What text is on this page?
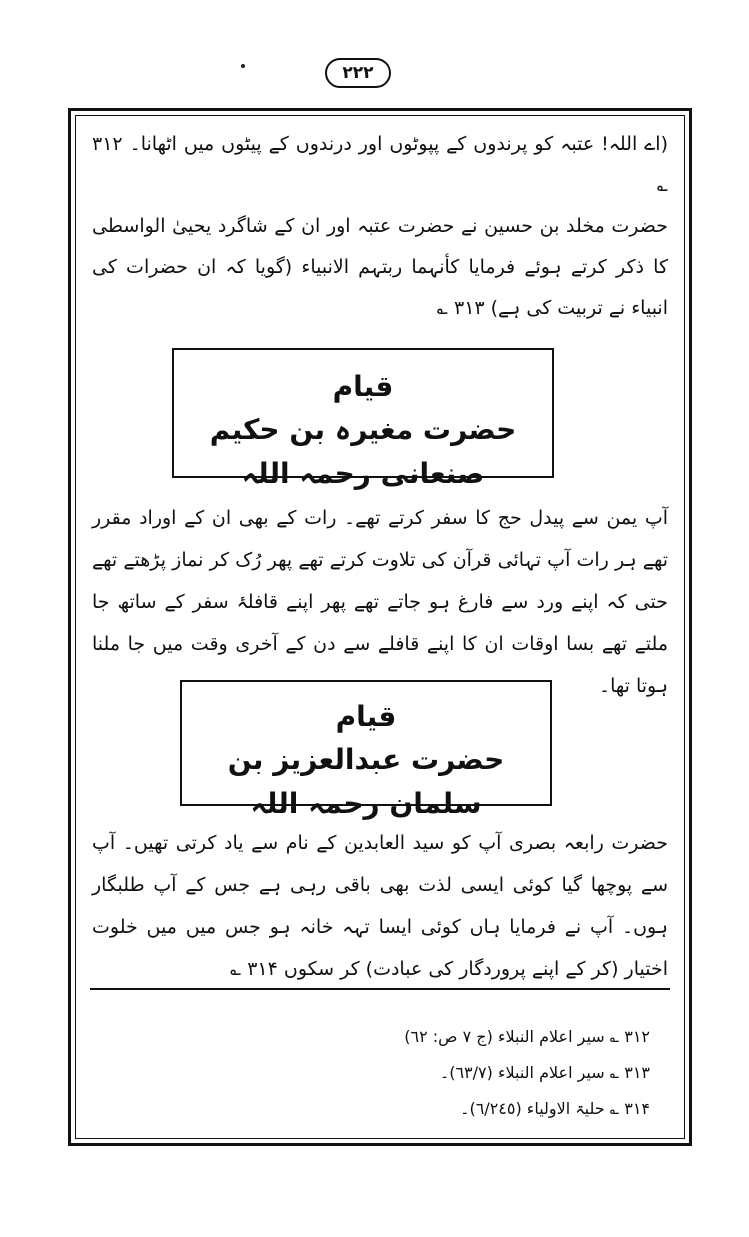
۲۲۲
(اے اللہ! عتبہ کو پرندوں کے پپوٹوں اور درندوں کے پیٹوں میں اٹھانا۔ ۳۱۲ ؎
حضرت مخلد بن حسین نے حضرت عتبہ اور ان کے شاگرد یحییٰ الواسطی کا ذکر کرتے ہوئے فرمایا کأنہما ربتہم الانبیاء (گویا کہ ان حضرات کی انبیاء نے تربیت کی ہے) ۳۱۳ ؎
قیام
حضرت مغیرہ بن حکیم صنعانی رحمہ اللہ
آپ یمن سے پیدل حج کا سفر کرتے تھے۔ رات کے بھی ان کے اوراد مقرر تھے ہر رات آپ تہائی قرآن کی تلاوت کرتے تھے پھر رُک کر نماز پڑھتے تھے حتی کہ اپنے ورد سے فارغ ہو جاتے تھے پھر اپنے قافلۂ سفر کے ساتھ جا ملتے تھے بسا اوقات ان کا اپنے قافلے سے دن کے آخری وقت میں جا ملنا ہوتا تھا۔
قیام
حضرت عبدالعزیز بن سلمان رحمہ اللہ
حضرت رابعہ بصری آپ کو سید العابدین کے نام سے یاد کرتی تھیں۔ آپ سے پوچھا گیا کوئی ایسی لذت بھی باقی رہی ہے جس کے آپ طلبگار ہوں۔ آپ نے فرمایا ہاں کوئی ایسا تہہ خانہ ہو جس میں میں خلوت اختیار (کر کے اپنے پروردگار کی عبادت) کر سکوں ۳۱۴ ؎
۳۱۲ ؎ سیر اعلام النبلاء (ج ۷ ص: ٦٢)
۳۱۳ ؎ سیر اعلام النبلاء (٦٣/٧)۔
۳۱۴ ؎ حلیۃ الاولیاء (٦/٢٤٥)۔
